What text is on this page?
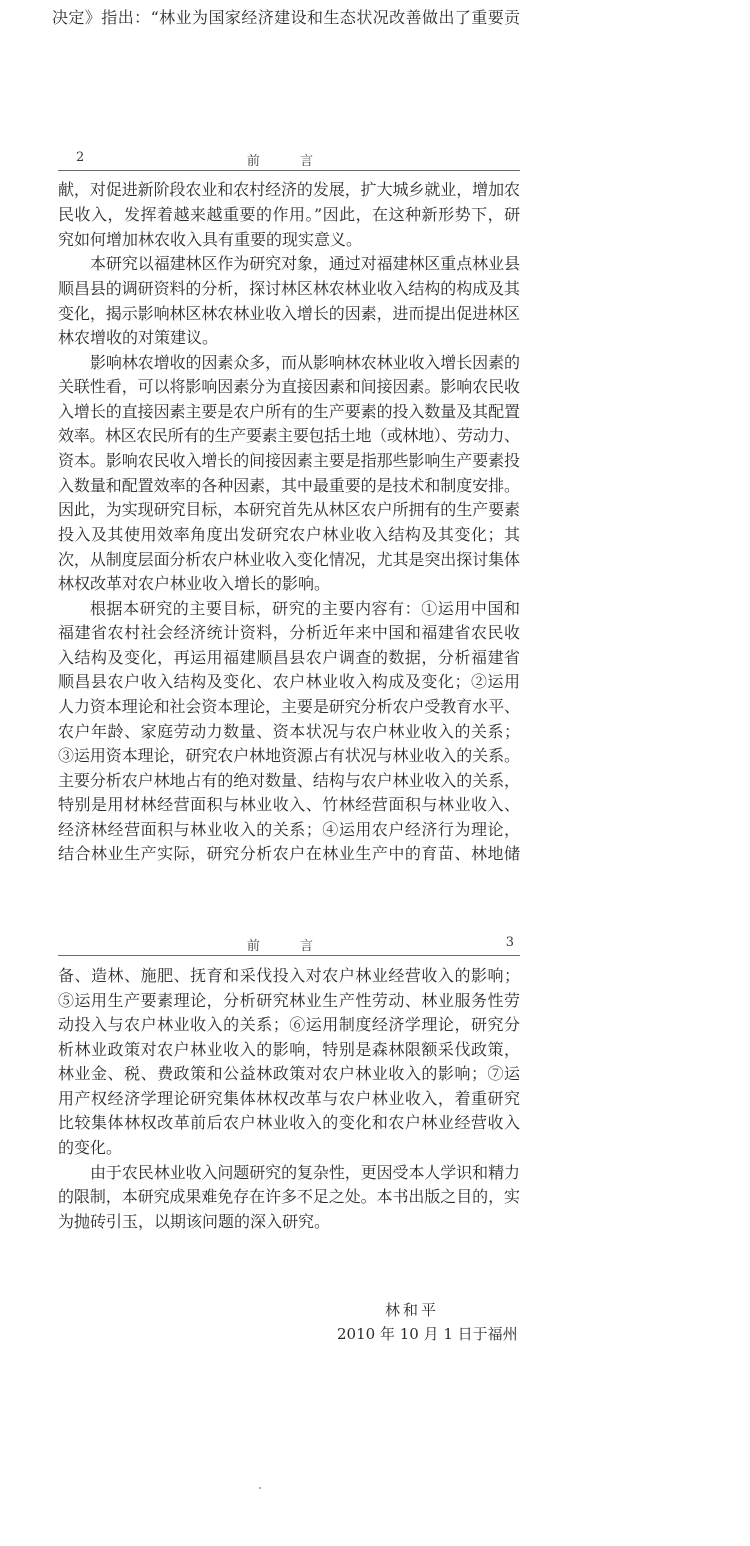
决定》指出：“林业为国家经济建设和生态状况改善做出了重要贡
2	前 言
献，对促进新阶段农业和农村经济的发展，扩大城乡就业，增加农
民收入，发挥着越来越重要的作用。”因此，在这种新形势下，研
究如何增加林农收入具有重要的现实意义。
本研究以福建林区作为研究对象，通过对福建林区重点林业县
顺昌县的调研资料的分析，探讨林区林农林业收入结构的构成及其
变化，揭示影响林区林农林业收入增长的因素，进而提出促进林区
林农增收的对策建议。
影响林农增收的因素众多，而从影响林农林业收入增长因素的
关联性看，可以将影响因素分为直接因素和间接因素。影响农民收
入增长的直接因素主要是农户所有的生产要素的投入数量及其配置
效率。林区农民所有的生产要素主要包括土地（或林地）、劳动力、
资本。影响农民收入增长的间接因素主要是指那些影响生产要素投
入数量和配置效率的各种因素，其中最重要的是技术和制度安排。
因此，为实现研究目标，本研究首先从林区农户所拥有的生产要素
投入及其使用效率角度出发研究农户林业收入结构及其变化；其
次，从制度层面分析农户林业收入变化情况，尤其是突出探讨集体
林权改革对农户林业收入增长的影响。
根据本研究的主要目标，研究的主要内容有：①运用中国和
福建省农村社会经济统计资料，分析近年来中国和福建省农民收
入结构及变化，再运用福建顺昌县农户调查的数据，分析福建省
顺昌县农户收入结构及变化、农户林业收入构成及变化；②运用
人力资本理论和社会资本理论，主要是研究分析农户受教育水平、
农户年龄、家庭劳动力数量、资本状况与农户林业收入的关系；
③运用资本理论，研究农户林地资源占有状况与林业收入的关系。
主要分析农户林地占有的绝对数量、结构与农户林业收入的关系，
特别是用材林经营面积与林业收入、竹林经营面积与林业收入、
经济林经营面积与林业收入的关系；④运用农户经济行为理论，
结合林业生产实际，研究分析农户在林业生产中的育苗、林地储
前 言	3
备、造林、施肥、抚育和采伐投入对农户林业经营收入的影响；
⑤运用生产要素理论，分析研究林业生产性劳动、林业服务性劳
动投入与农户林业收入的关系；⑥运用制度经济学理论，研究分
析林业政策对农户林业收入的影响，特别是森林限额采伐政策，
林业金、税、费政策和公益林政策对农户林业收入的影响；⑦运
用产权经济学理论研究集体林权改革与农户林业收入，着重研究
比较集体林权改革前后农户林业收入的变化和农户林业经营收入
的变化。
由于农民林业收入问题研究的复杂性，更因受本人学识和精力
的限制，本研究成果难免存在许多不足之处。本书出版之目的，实
为抛砖引玉，以期该问题的深入研究。
林和平
2010 年 10 月 1 日于福州
